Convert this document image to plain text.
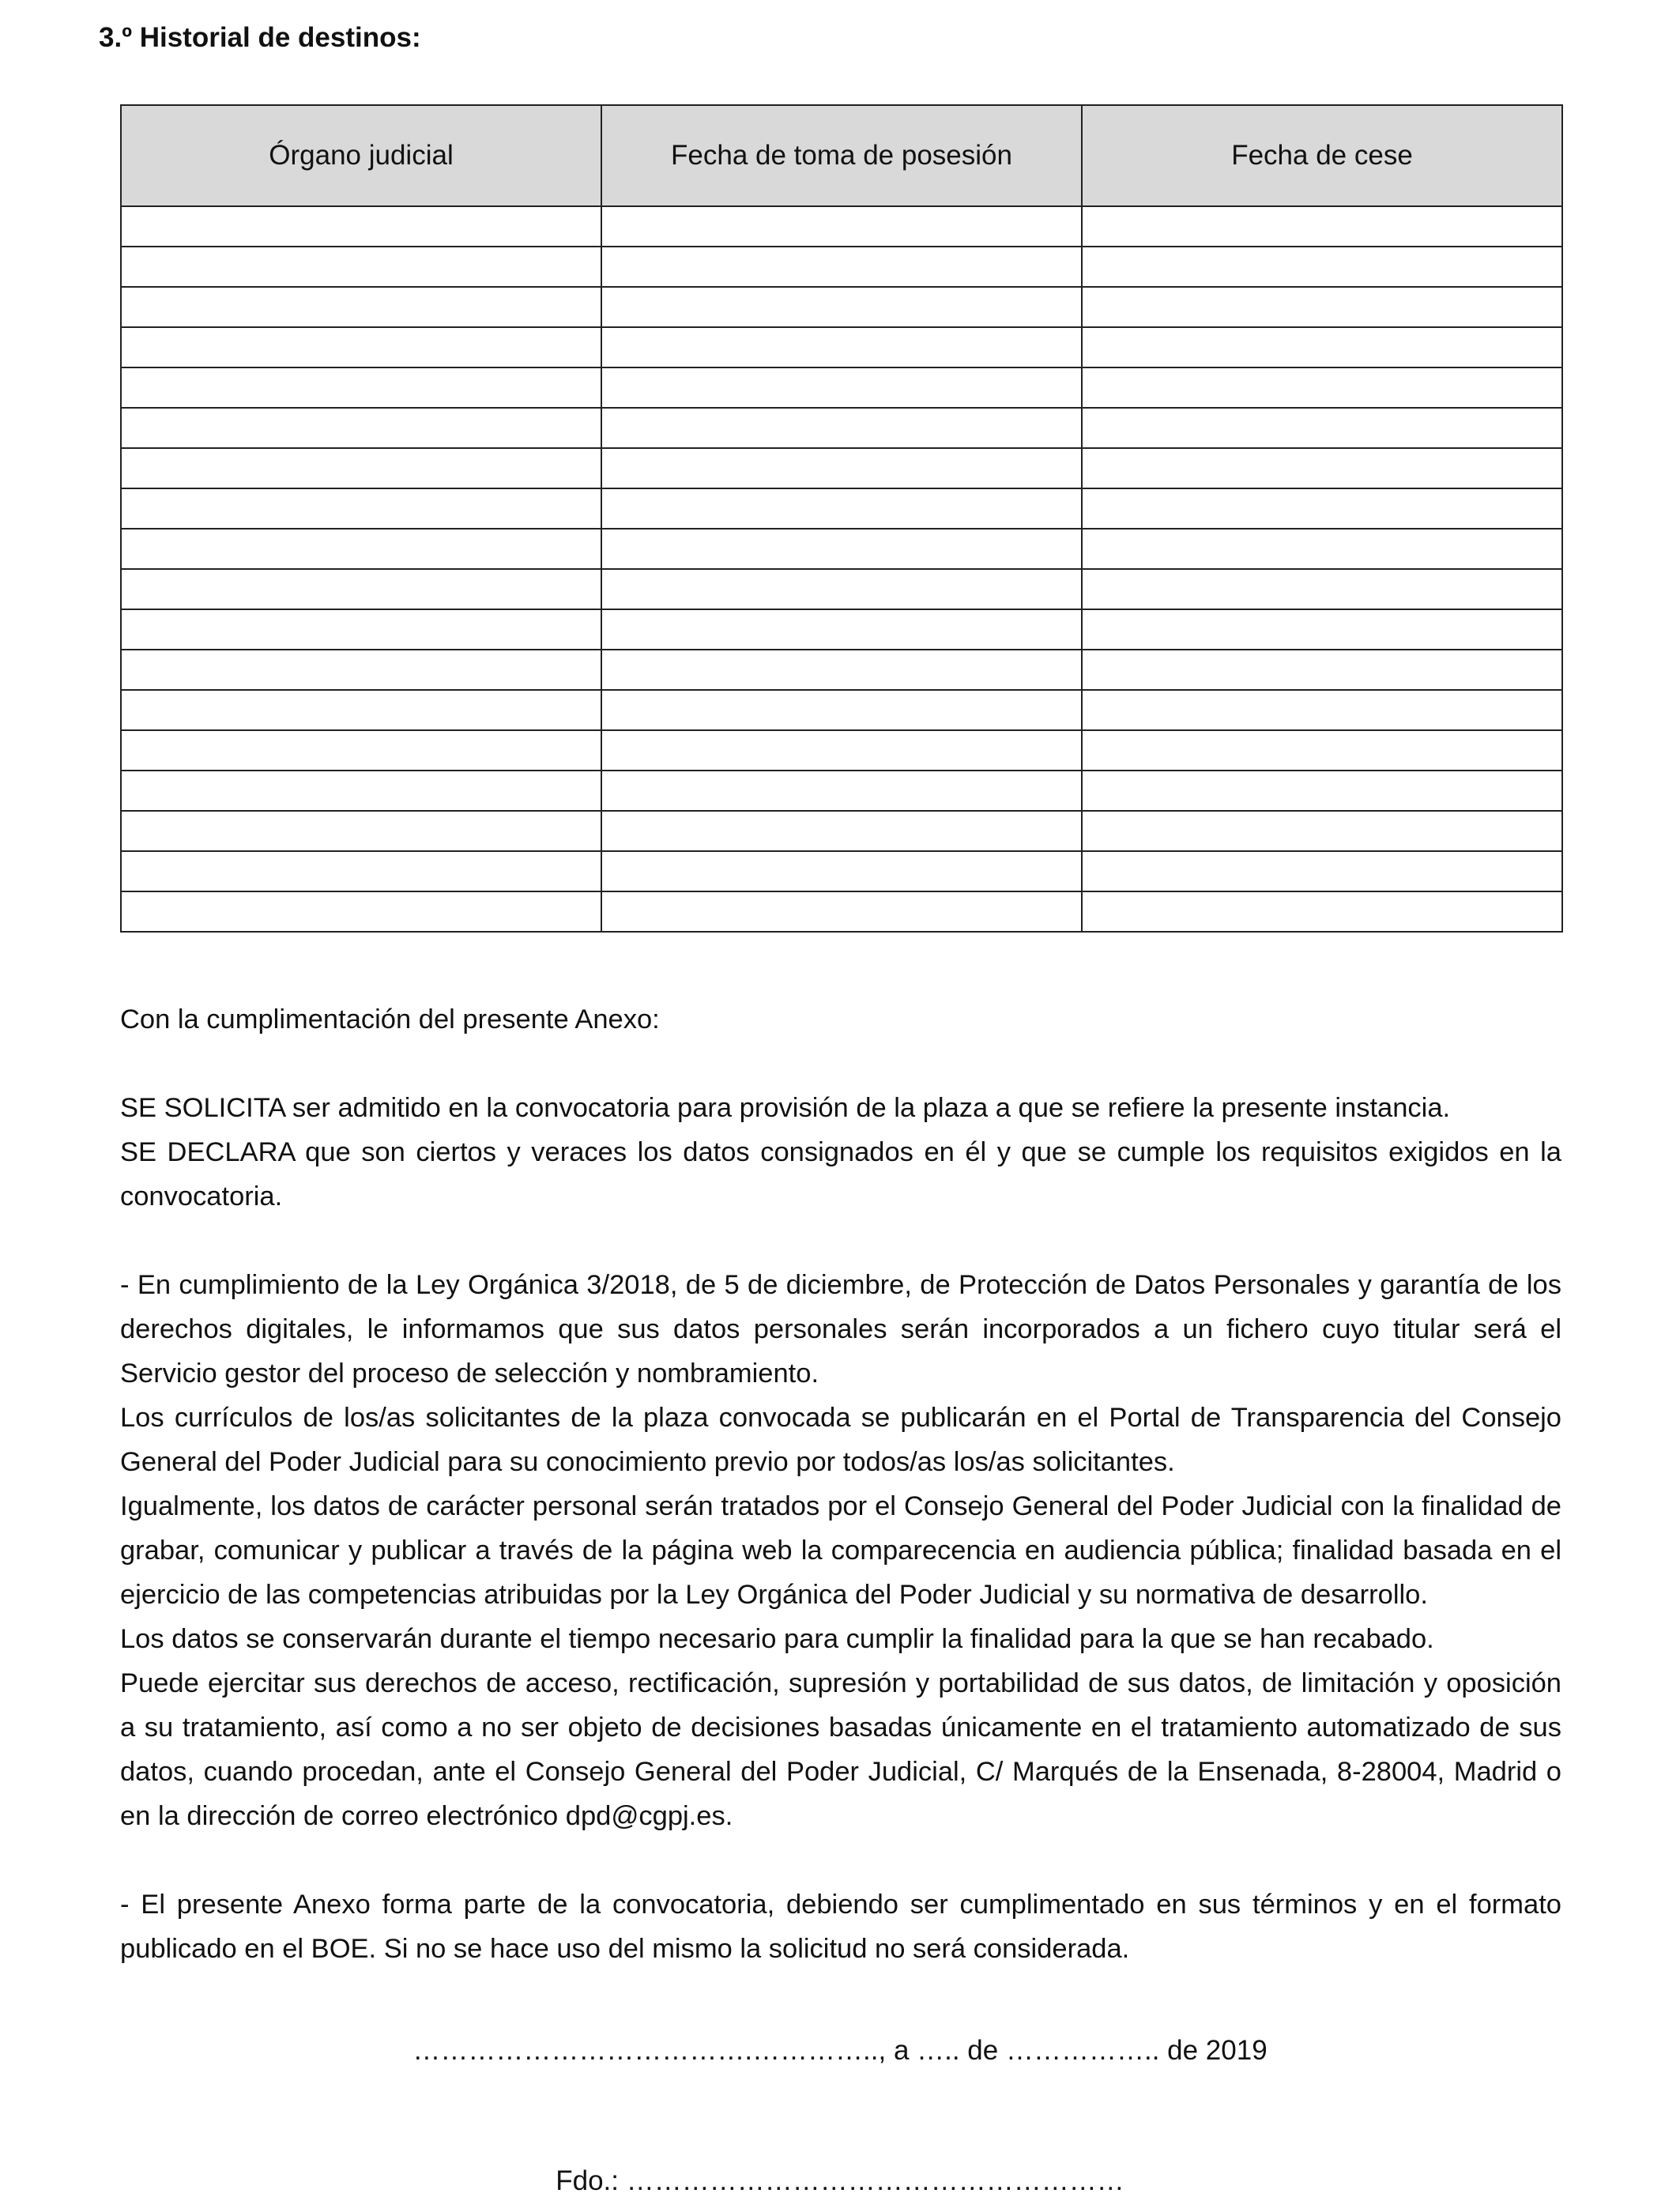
3.º Historial de destinos:
Órgano judicial	Fecha de toma de posesión	Fecha de cese

Con la cumplimentación del presente Anexo:

SE SOLICITA ser admitido en la convocatoria para provisión de la plaza a que se refiere la presente instancia.

SE DECLARA que son ciertos y veraces los datos consignados en él y que se cumple los requisitos exigidos en la convocatoria.

- En cumplimiento de la Ley Orgánica 3/2018, de 5 de diciembre, de Protección de Datos Personales y garantía de los derechos digitales, le informamos que sus datos personales serán incorporados a un fichero cuyo titular será el Servicio gestor del proceso de selección y nombramiento.

Los currículos de los/as solicitantes de la plaza convocada se publicarán en el Portal de Transparencia del Consejo General del Poder Judicial para su conocimiento previo por todos/as los/as solicitantes.

Igualmente, los datos de carácter personal serán tratados por el Consejo General del Poder Judicial con la finalidad de grabar, comunicar y publicar a través de la página web la comparecencia en audiencia pública; finalidad basada en el ejercicio de las competencias atribuidas por la Ley Orgánica del Poder Judicial y su normativa de desarrollo.

Los datos se conservarán durante el tiempo necesario para cumplir la finalidad para la que se han recabado.

Puede ejercitar sus derechos de acceso, rectificación, supresión y portabilidad de sus datos, de limitación y oposición a su tratamiento, así como a no ser objeto de decisiones basadas únicamente en el tratamiento automatizado de sus datos, cuando procedan, ante el Consejo General del Poder Judicial, C/ Marqués de la Ensenada, 8-28004, Madrid o en la dirección de correo electrónico dpd@cgpj.es.

- El presente Anexo forma parte de la convocatoria, debiendo ser cumplimentado en sus términos y en el formato publicado en el BOE. Si no se hace uso del mismo la solicitud no será considerada.

……………………………….………….., a ….. de …………….. de 2019

Fdo.: ………………………………………………
